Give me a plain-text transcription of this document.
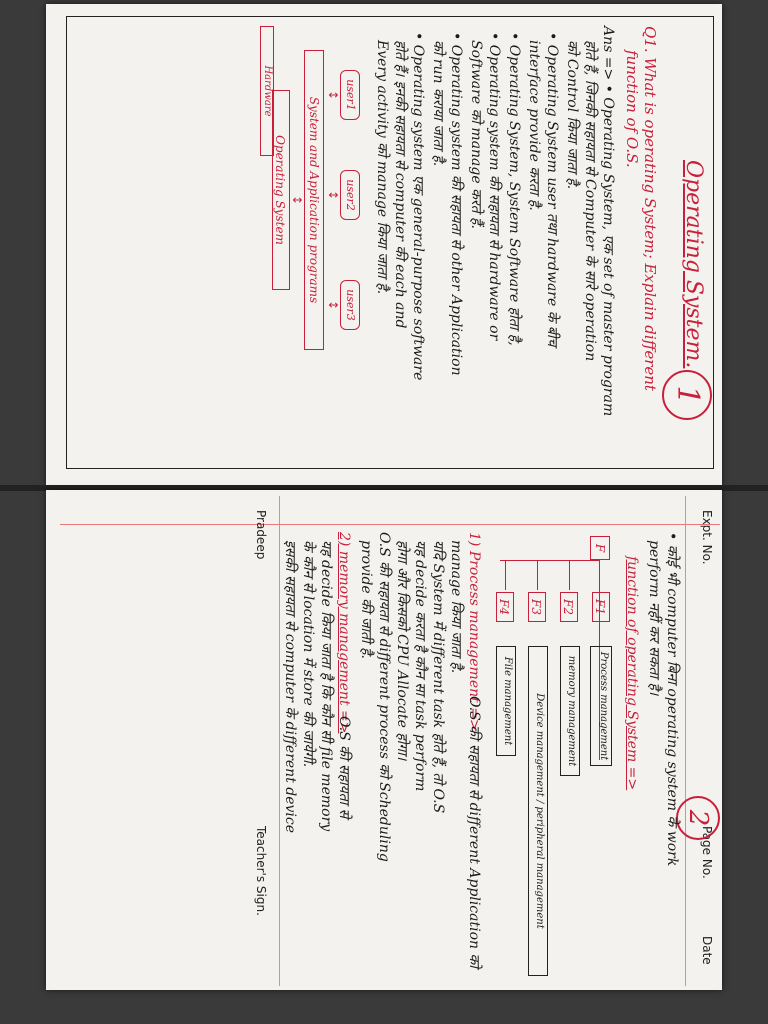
Operating System.
1
Q1. What is operating System; Explain different
function of O.S.
Ans => • Operating System, एक set of master program
होते हैं, जिनकी सहायता से Computer के सारे operation
को Control किया जाता है.
• Operating System user तथा hardware के बीच
interface provide करता है.
• Operating System, System Software होता है,
• Operating system की सहायता से hardware or
Software को manage करते हैं.
• Operating system की सहायता से other Application
को run कराया जाता है.
• Operating system एक general-purpose software
होते हैं। इनकी सहायता से computer की each and
Every activity को manage किया जाता है.
user1
user2
user3
↕
↕
↕
System and Application programs
↕
Operating System
Hardware
Expt. No.
Page No.
Date
2
• कोई भी computer बिना operating system के work
perform नहीं कर सकता है।
function of operating System =>
F
F1
Process management
F2
memory management
F3
Device management / peripheral management
F4
File management
1) Process management =>
O.S की सहायता से different Application को
manage किया जाता है.
यदि System में different task होते हैं, तो O.S
यह decide करता है कौन सा task perform
होगा और किसको CPU Allocate होगा।
O.S की सहायता से different process को Scheduling
provide की जाती है.
2) memory management =>
O.S की सहायता से
यह decide किया जाता है कि कौन सी file memory
के कौन से location में store की जायेगी.
इसकी सहायता से computer के different device
Pradeep
Teacher's Sign.
